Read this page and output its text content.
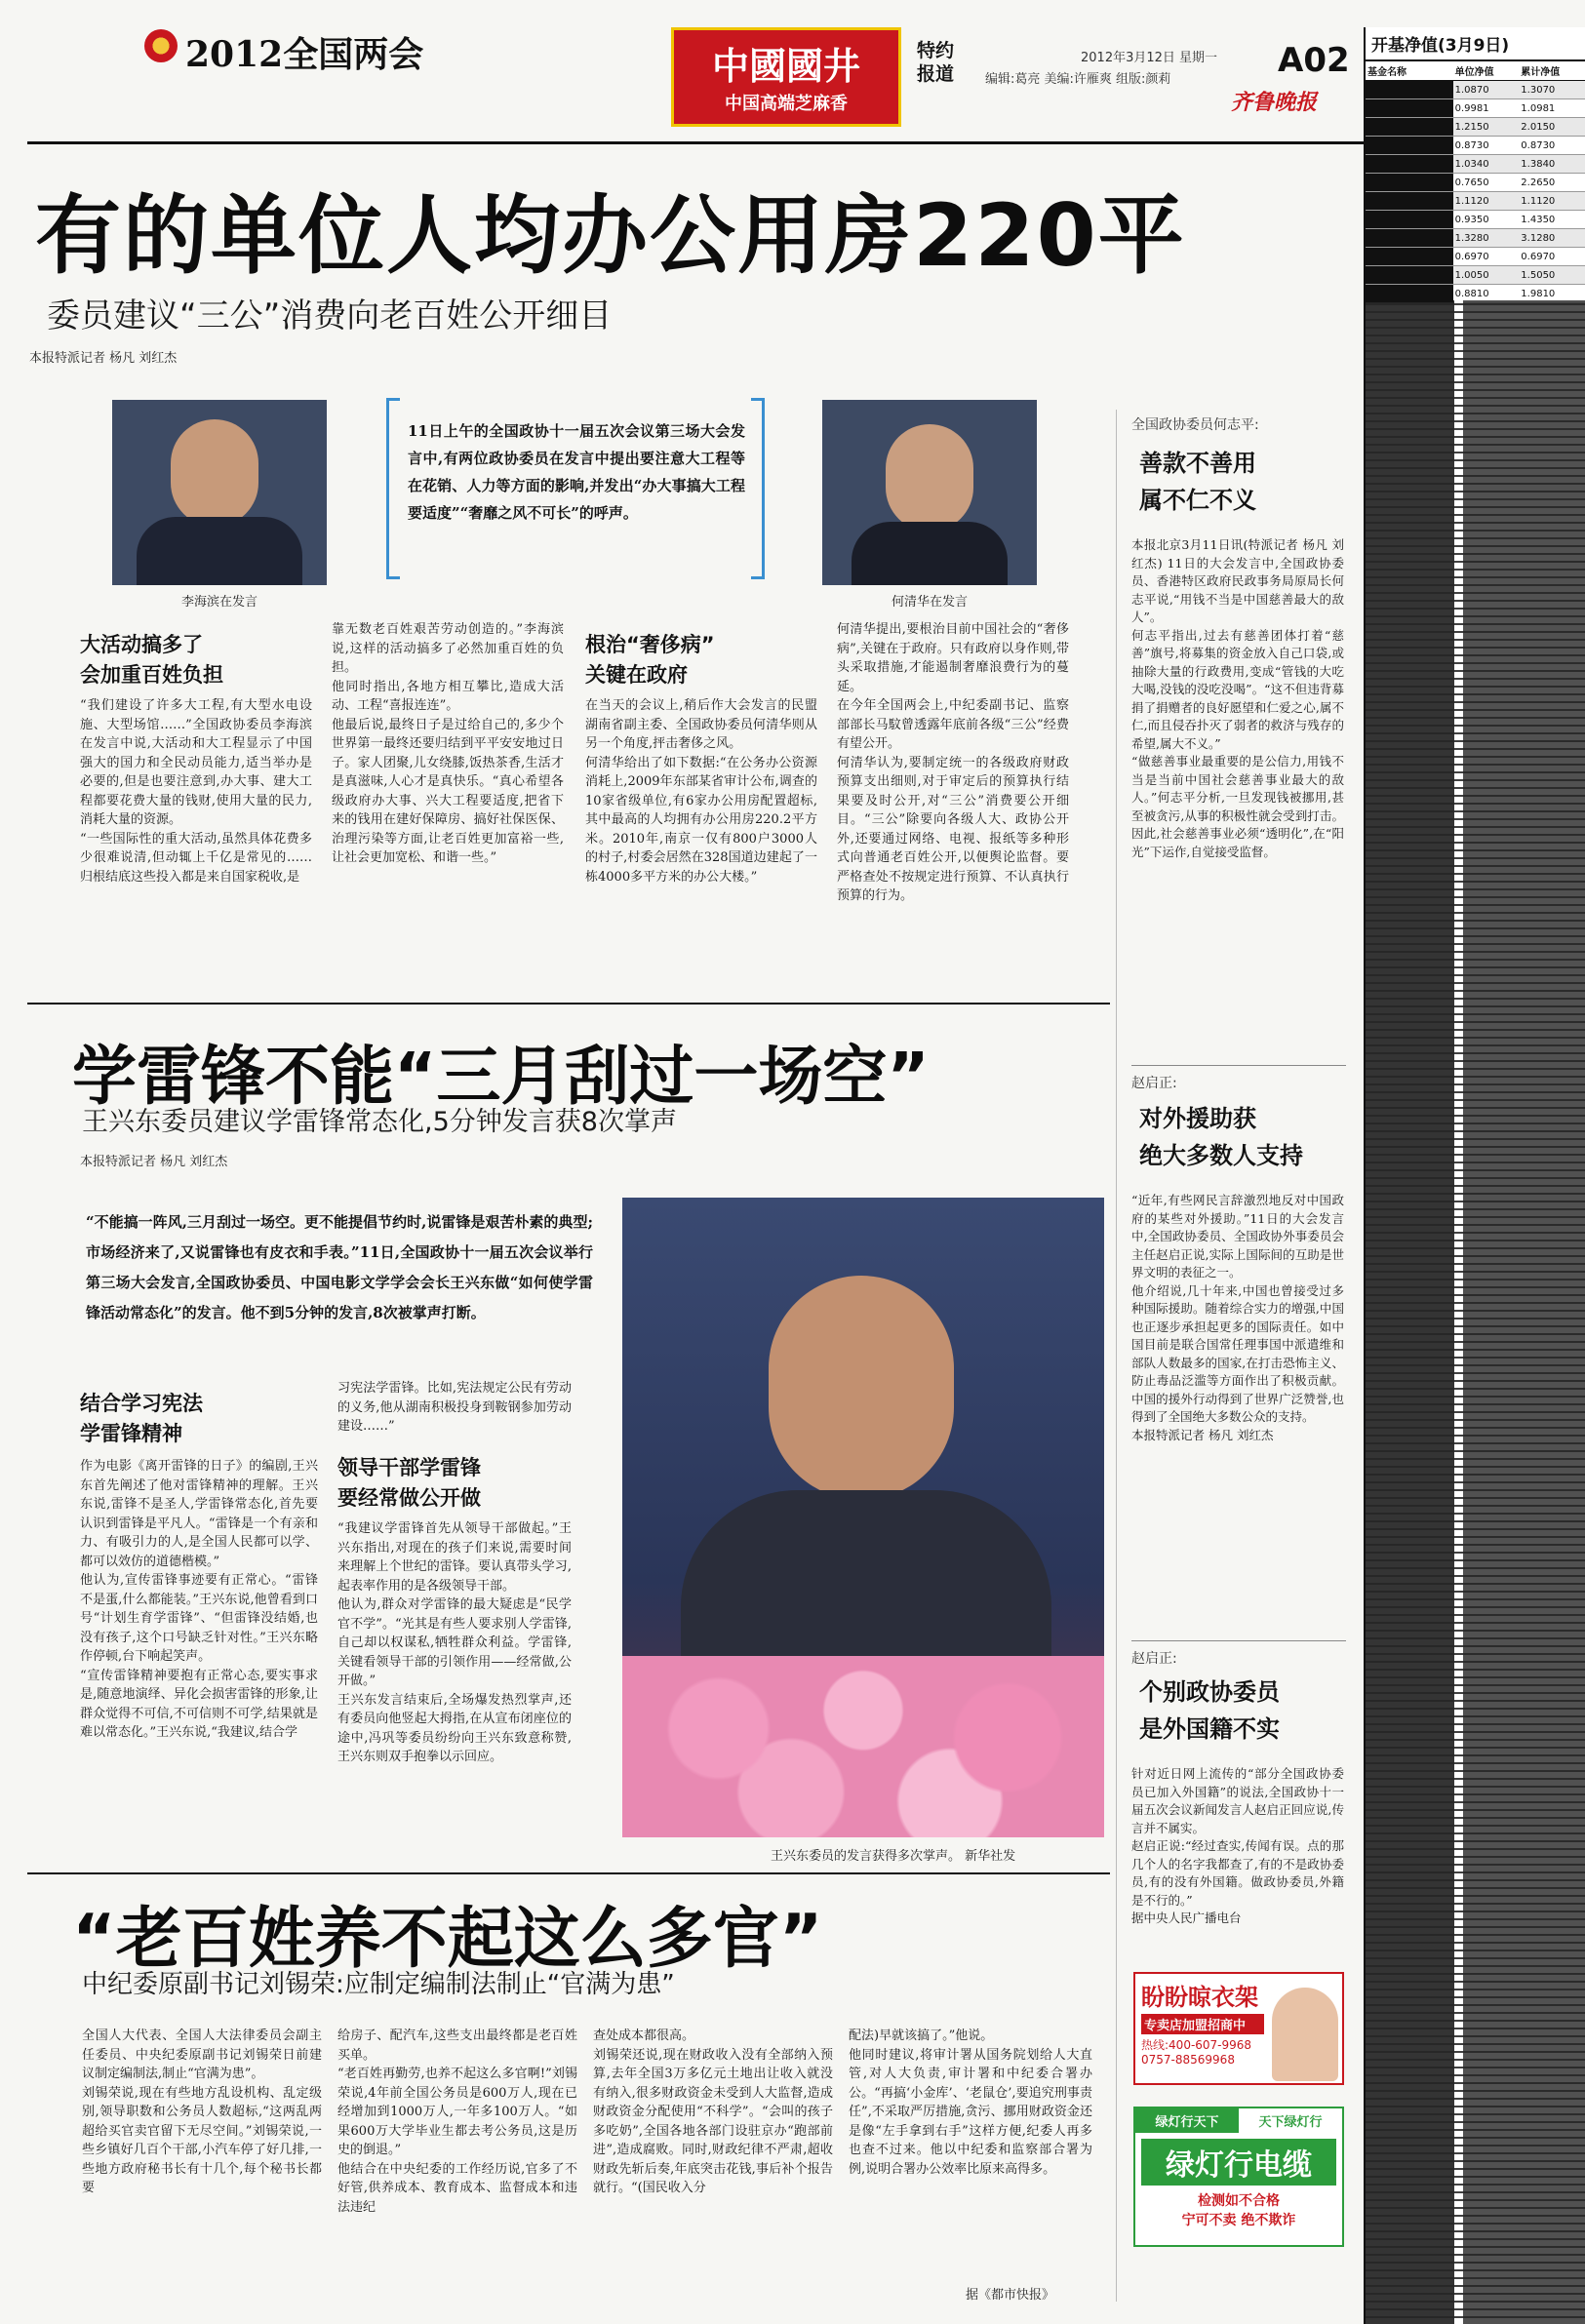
2012全国两会	中國國井
中国高端芝麻香
特约
报道
2012年3月12日 星期一
编辑:葛亮 美编:许雁爽 组版:颜莉	A02
齐鲁晚报
有的单位人均办公用房220平
委员建议“三公”消费向老百姓公开细目
本报特派记者 杨凡 刘红杰
李海滨在发言
11日上午的全国政协十一届五次会议第三场大会发言中,有两位政协委员在发言中提出要注意大工程等在花销、人力等方面的影响,并发出“办大事搞大工程要适度”“奢靡之风不可长”的呼声。
何清华在发言
大活动搞多了
会加重百姓负担
“我们建设了许多大工程,有大型水电设施、大型场馆……”全国政协委员李海滨在发言中说,大活动和大工程显示了中国强大的国力和全民动员能力,适当举办是必要的,但是也要注意到,办大事、建大工程都要花费大量的钱财,使用大量的民力,消耗大量的资源。
“一些国际性的重大活动,虽然具体花费多少很难说清,但动辄上千亿是常见的……归根结底这些投入都是来自国家税收,是
靠无数老百姓艰苦劳动创造的。”李海滨说,这样的活动搞多了必然加重百姓的负担。
他同时指出,各地方相互攀比,造成大活动、工程“喜报连连”。
他最后说,最终日子是过给自己的,多少个世界第一最终还要归结到平平安安地过日子。家人团聚,儿女绕膝,饭热茶香,生活才是真滋味,人心才是真快乐。“真心希望各级政府办大事、兴大工程要适度,把省下来的钱用在建好保障房、搞好社保医保、治理污染等方面,让老百姓更加富裕一些,让社会更加宽松、和谐一些。”
根治“奢侈病”
关键在政府
在当天的会议上,稍后作大会发言的民盟湖南省副主委、全国政协委员何清华则从另一个角度,抨击奢侈之风。
何清华给出了如下数据:“在公务办公资源消耗上,2009年东部某省审计公布,调查的10家省级单位,有6家办公用房配置超标,其中最高的人均拥有办公用房220.2平方米。2010年,南京一仅有800户3000人的村子,村委会居然在328国道边建起了一栋4000多平方米的办公大楼。”
何清华提出,要根治目前中国社会的“奢侈病”,关键在于政府。只有政府以身作则,带头采取措施,才能遏制奢靡浪费行为的蔓延。
在今年全国两会上,中纪委副书记、监察部部长马馼曾透露年底前各级“三公”经费有望公开。
何清华认为,要制定统一的各级政府财政预算支出细则,对于审定后的预算执行结果要及时公开,对“三公”消费要公开细目。“三公”除要向各级人大、政协公开外,还要通过网络、电视、报纸等多种形式向普通老百姓公开,以便舆论监督。要严格查处不按规定进行预算、不认真执行预算的行为。
学雷锋不能“三月刮过一场空”
王兴东委员建议学雷锋常态化,5分钟发言获8次掌声
本报特派记者 杨凡 刘红杰
“不能搞一阵风,三月刮过一场空。更不能提倡节约时,说雷锋是艰苦朴素的典型;市场经济来了,又说雷锋也有皮衣和手表。”11日,全国政协十一届五次会议举行第三场大会发言,全国政协委员、中国电影文学学会会长王兴东做“如何使学雷锋活动常态化”的发言。他不到5分钟的发言,8次被掌声打断。
结合学习宪法
学雷锋精神
作为电影《离开雷锋的日子》的编剧,王兴东首先阐述了他对雷锋精神的理解。王兴东说,雷锋不是圣人,学雷锋常态化,首先要认识到雷锋是平凡人。“雷锋是一个有亲和力、有吸引力的人,是全国人民都可以学、都可以效仿的道德楷模。”
他认为,宣传雷锋事迹要有正常心。“雷锋不是蛋,什么都能装。”王兴东说,他曾看到口号“计划生育学雷锋”、“但雷锋没结婚,也没有孩子,这个口号缺乏针对性。”王兴东略作停顿,台下响起笑声。
“宣传雷锋精神要抱有正常心态,要实事求是,随意地演绎、异化会损害雷锋的形象,让群众觉得不可信,不可信则不可学,结果就是难以常态化。”王兴东说,“我建议,结合学
习宪法学雷锋。比如,宪法规定公民有劳动的义务,他从湖南积极投身到鞍钢参加劳动建设……”
领导干部学雷锋
要经常做公开做
“我建议学雷锋首先从领导干部做起。”王兴东指出,对现在的孩子们来说,需要时间来理解上个世纪的雷锋。要认真带头学习,起表率作用的是各级领导干部。
他认为,群众对学雷锋的最大疑虑是“民学官不学”。“光其是有些人要求别人学雷锋,自己却以权谋私,牺牲群众利益。学雷锋,关键看领导干部的引领作用——经常做,公开做。”
王兴东发言结束后,全场爆发热烈掌声,还有委员向他竖起大拇指,在从宣布闭座位的途中,冯巩等委员纷纷向王兴东致意称赞,王兴东则双手抱拳以示回应。
王兴东委员的发言获得多次掌声。 新华社发
“老百姓养不起这么多官”
中纪委原副书记刘锡荣:应制定编制法制止“官满为患”
全国人大代表、全国人大法律委员会副主任委员、中央纪委原副书记刘锡荣日前建议制定编制法,制止“官满为患”。
刘锡荣说,现在有些地方乱设机构、乱定级别,领导职数和公务员人数超标,“这两乱两超给买官卖官留下无尽空间。”刘锡荣说,一些乡镇好几百个干部,小汽车停了好几排,一些地方政府秘书长有十几个,每个秘书长都要
给房子、配汽车,这些支出最终都是老百姓买单。
“老百姓再勤劳,也养不起这么多官啊!”刘锡荣说,4年前全国公务员是600万人,现在已经增加到1000万人,一年多100万人。“如果600万大学毕业生都去考公务员,这是历史的倒退。”
他结合在中央纪委的工作经历说,官多了不好管,供养成本、教育成本、监督成本和违法违纪
查处成本都很高。
刘锡荣还说,现在财政收入没有全部纳入预算,去年全国3万多亿元土地出让收入就没有纳入,很多财政资金未受到人大监督,造成财政资金分配使用“不科学”。“会叫的孩子多吃奶”,全国各地各部门设驻京办“跑部前进”,造成腐败。同时,财政纪律不严肃,超收财政先斩后奏,年底突击花钱,事后补个报告就行。“(国民收入分
配法)早就该搞了。”他说。
他同时建议,将审计署从国务院划给人大直管,对人大负责,审计署和中纪委合署办公。“再搞‘小金库’、‘老鼠仓’,要追究刑事责任”,不采取严厉措施,贪污、挪用财政资金还是像“左手拿到右手”这样方便,纪委人再多也查不过来。他以中纪委和监察部合署为例,说明合署办公效率比原来高得多。
据《都市快报》
全国政协委员何志平:
善款不善用
属不仁不义
本报北京3月11日讯(特派记者 杨凡 刘红杰) 11日的大会发言中,全国政协委员、香港特区政府民政事务局原局长何志平说,“用钱不当是中国慈善最大的敌人”。
何志平指出,过去有慈善团体打着“慈善”旗号,将募集的资金放入自己口袋,或抽除大量的行政费用,变成“管钱的大吃大喝,没钱的没吃没喝”。“这不但违背募捐了捐赠者的良好愿望和仁爱之心,属不仁,而且侵吞扑灭了弱者的救济与残存的希望,属大不义。”
“做慈善事业最重要的是公信力,用钱不当是当前中国社会慈善事业最大的敌人。”何志平分析,一旦发现钱被挪用,甚至被贪污,从事的积极性就会受到打击。因此,社会慈善事业必须“透明化”,在“阳光”下运作,自觉接受监督。
赵启正:
对外援助获
绝大多数人支持
“近年,有些网民言辞激烈地反对中国政府的某些对外援助。”11日的大会发言中,全国政协委员、全国政协外事委员会主任赵启正说,实际上国际间的互助是世界文明的表征之一。
他介绍说,几十年来,中国也曾接受过多种国际援助。随着综合实力的增强,中国也正逐步承担起更多的国际责任。如中国目前是联合国常任理事国中派遣维和部队人数最多的国家,在打击恐怖主义、防止毒品泛滥等方面作出了积极贡献。中国的援外行动得到了世界广泛赞誉,也得到了全国绝大多数公众的支持。
本报特派记者 杨凡 刘红杰
赵启正:
个别政协委员
是外国籍不实
针对近日网上流传的“部分全国政协委员已加入外国籍”的说法,全国政协十一届五次会议新闻发言人赵启正回应说,传言并不属实。
赵启正说:“经过查实,传闻有误。点的那几个人的名字我都查了,有的不是政协委员,有的没有外国籍。做政协委员,外籍是不行的。”
据中央人民广播电台
盼盼晾衣架
专卖店加盟招商中
热线:400-607-9968
0757-88569968
绿灯行天下	天下绿灯行
绿灯行电缆
检测如不合格
宁可不卖 绝不欺诈
开基净值(3月9日)
基金名称	单位净值	累计净值
1.0870	1.3070
0.9981	1.0981
1.2150	2.0150
0.8730	0.8730
1.0340	1.3840
0.7650	2.2650
1.1120	1.1120
0.9350	1.4350
1.3280	3.1280
0.6970	0.6970
1.0050	1.5050
0.8810	1.9810
